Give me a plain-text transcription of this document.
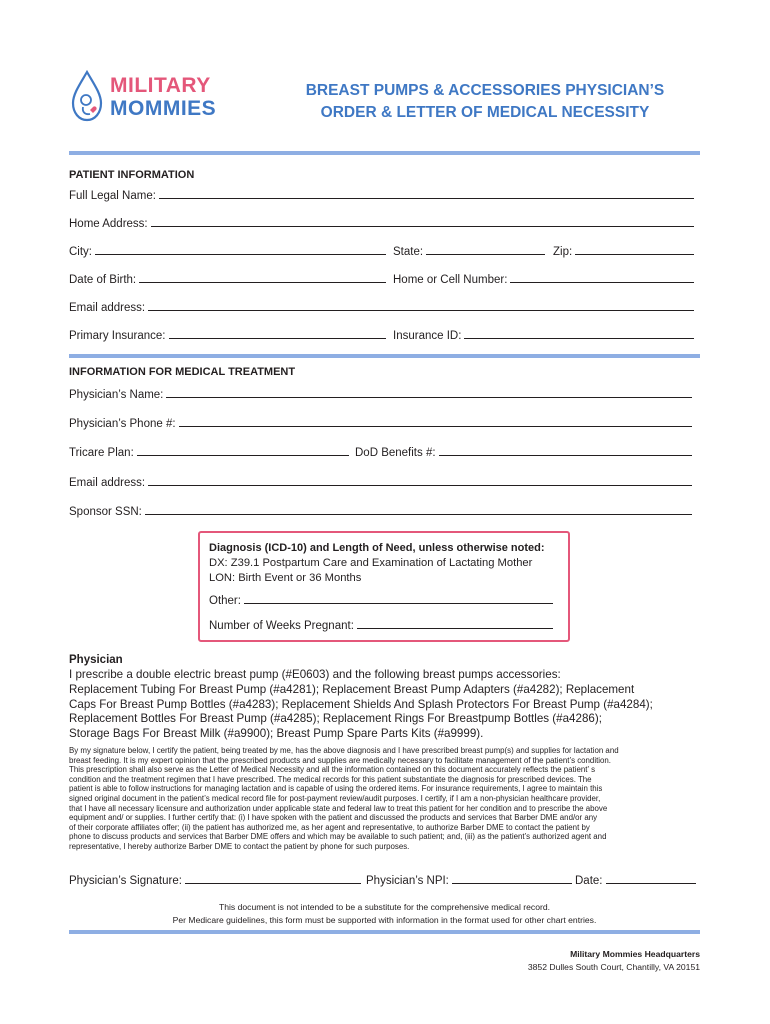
MILITARY
MOMMIES
BREAST PUMPS & ACCESSORIES PHYSICIAN’S
ORDER & LETTER OF MEDICAL NECESSITY
PATIENT INFORMATION
Full Legal Name:
Home Address:
City:	State:	Zip:
Date of Birth:	Home or Cell Number:
Email address:
Primary Insurance:	Insurance ID:
INFORMATION FOR MEDICAL TREATMENT
Physician’s Name:
Physician’s Phone #:
Tricare Plan:	DoD Benefits #:
Email address:
Sponsor SSN:
Diagnosis (ICD-10) and Length of Need, unless otherwise noted:
DX: Z39.1 Postpartum Care and Examination of Lactating Mother
LON: Birth Event or 36 Months
Other:
Number of Weeks Pregnant:
Physician
I prescribe a double electric breast pump (#E0603) and the following breast pumps accessories:
Replacement Tubing For Breast Pump (#a4281); Replacement Breast Pump Adapters (#a4282); Replacement
Caps For Breast Pump Bottles (#a4283); Replacement Shields And Splash Protectors For Breast Pump (#a4284);
Replacement Bottles For Breast Pump (#a4285); Replacement Rings For Breastpump Bottles (#a4286);
Storage Bags For Breast Milk (#a9900); Breast Pump Spare Parts Kits (#a9999).
By my signature below, I certify the patient, being treated by me, has the above diagnosis and I have prescribed breast pump(s) and supplies for lactation and
breast feeding. It is my expert opinion that the prescribed products and supplies are medically necessary to facilitate management of the patient’s condition.
This prescription shall also serve as the Letter of Medical Necessity and all the information contained on this document accurately reflects the patient’ s
condition and the treatment regimen that I have prescribed. The medical records for this patient substantiate the diagnosis for prescribed devices. The
patient is able to follow instructions for managing lactation and is capable of using the ordered items. For insurance requirements, I agree to maintain this
signed original document in the patient’s medical record file for post-payment review/audit purposes. I certify, if I am a non-physician healthcare provider,
that I have all necessary licensure and authorization under applicable state and federal law to treat this patient for her condition and to prescribe the above
equipment and/ or supplies. I further certify that: (i) I have spoken with the patient and discussed the products and services that Barber DME and/or any
of their corporate affiliates offer; (ii) the patient has authorized me, as her agent and representative, to authorize Barber DME to contact the patient by
phone to discuss products and services that Barber DME offers and which may be available to such patient; and, (iii) as the patient’s authorized agent and
representative, I hereby authorize Barber DME to contact the patient by phone for such purposes.
Physician’s Signature:	Physician’s NPI:	Date:
This document is not intended to be a substitute for the comprehensive medical record.
Per Medicare guidelines, this form must be supported with information in the format used for other chart entries.
Military Mommies Headquarters
3852 Dulles South Court, Chantilly, VA 20151
